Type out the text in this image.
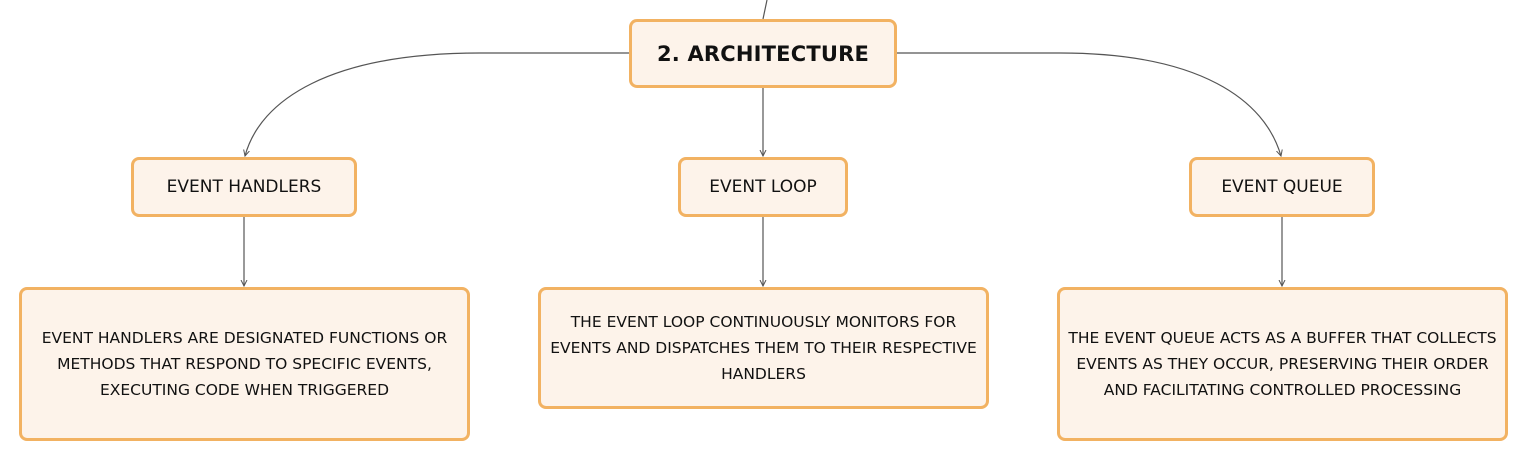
2. ARCHITECTURE
EVENT HANDLERS	EVENT LOOP	EVENT QUEUE
EVENT HANDLERS ARE DESIGNATED FUNCTIONS OR METHODS THAT RESPOND TO SPECIFIC EVENTS, EXECUTING CODE WHEN TRIGGERED
THE EVENT LOOP CONTINUOUSLY MONITORS FOR EVENTS AND DISPATCHES THEM TO THEIR RESPECTIVE HANDLERS
THE EVENT QUEUE ACTS AS A BUFFER THAT COLLECTS EVENTS AS THEY OCCUR, PRESERVING THEIR ORDER AND FACILITATING CONTROLLED PROCESSING
